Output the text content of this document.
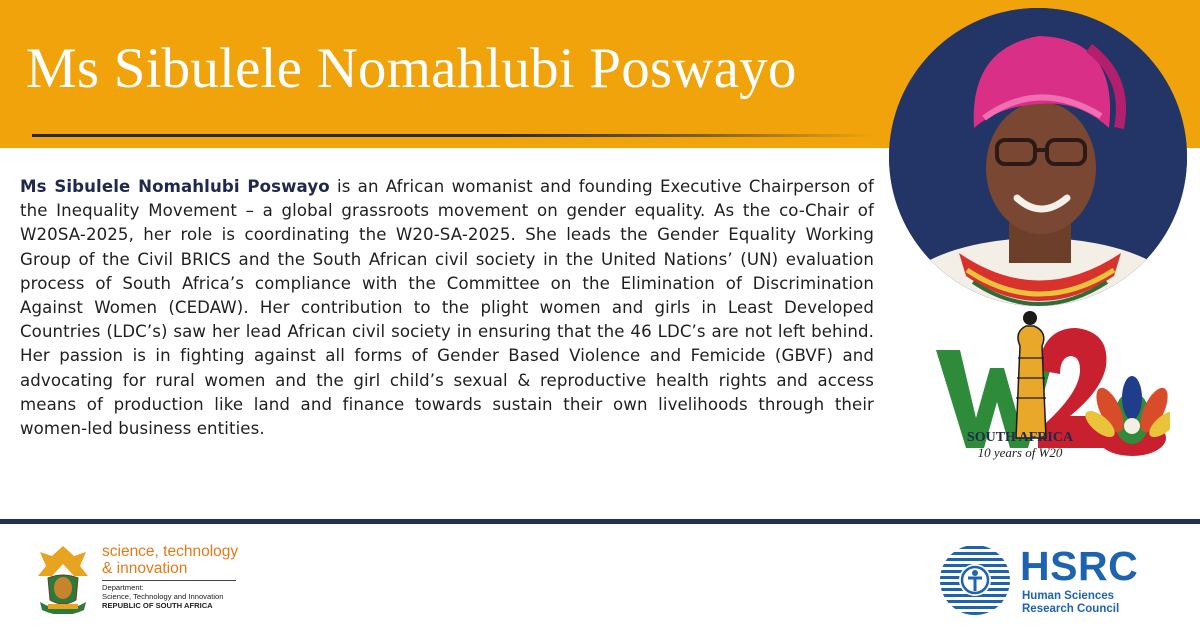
Ms Sibulele Nomahlubi Poswayo

Ms Sibulele Nomahlubi Poswayo is an African womanist and founding Executive Chairperson of the Inequality Movement – a global grassroots movement on gender equality. As the co-Chair of W20SA-2025, her role is coordinating the W20-SA-2025. She leads the Gender Equality Working Group of the Civil BRICS and the South African civil society in the United Nations’ (UN) evaluation process of South Africa’s compliance with the Committee on the Elimination of Discrimination Against Women (CEDAW). Her contribution to the plight women and girls in Least Developed Countries (LDC’s) saw her lead African civil society in ensuring that the 46 LDC’s are not left behind. Her passion is in fighting against all forms of Gender Based Violence and Femicide (GBVF) and advocating for rural women and the girl child’s sexual & reproductive health rights and access means of production like land and finance towards sustain their own livelihoods through their women-led business entities.	SOUTH AFRICA
10 years of W20

science, technology
& innovation

Department:
Science, Technology and Innovation
REPUBLIC OF SOUTH AFRICA

HSRC

Human Sciences
Research Council
